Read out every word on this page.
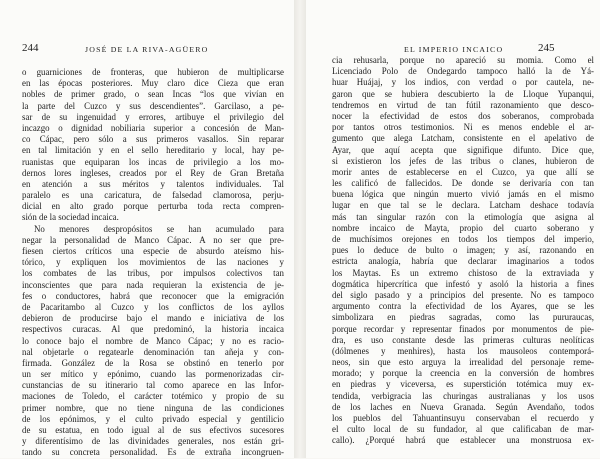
244	JOSÉ DE LA RIVA-AGÜERO
o guarniciones de fronteras, que hubieron de multiplicarse
en las épocas posteriores. Muy claro dice Cieza que eran
nobles de primer grado, o sean Incas “los que vivían en
la parte del Cuzco y sus descendientes”. Garcilaso, a pe-
sar de su ingenuidad y errores, artibuye el privilegio del
incazgo o dignidad nobiliaria superior a concesión de Man-
co Cápac, pero sólo a sus primeros vasallos. Sin reparar
en tal limitación y en el sello hereditario y local, hay pe-
ruanistas que equiparan los incas de privilegio a los mo-
dernos lores ingleses, creados por el Rey de Gran Bretaña
en atención a sus méritos y talentos individuales. Tal
paralelo es una caricatura, de falsedad clamorosa, perju-
dicial en alto grado porque perturba toda recta compren-
sión de la sociedad incaica.
No menores despropósitos se han acumulado para
negar la personalidad de Manco Cápac. A no ser que pre-
fiesen ciertos críticos una especie de absurdo ateísmo his-
tórico, y expliquen los movimientos de las naciones y
los combates de las tribus, por impulsos colectivos tan
inconscientes que para nada requieran la existencia de je-
fes o conductores, habrá que reconocer que la emigración
de Pacaritambo al Cuzco y los conflictos de los ayllos
debieron de producirse bajo el mando e iniciativa de los
respectivos curacas. Al que predominó, la historia incaica
lo conoce bajo el nombre de Manco Cápac; y no es racio-
nal objetarle o regatearle denominación tan añeja y con-
firmada. González de la Rosa se obstinó en tenerlo por
un ser mítico y epónimo, cuando las pormenorizadas cir-
cunstancias de su itinerario tal como aparece en las Infor-
maciones de Toledo, el carácter totémico y propio de su
primer nombre, que no tiene ninguna de las condiciones
de los epónimos, y el culto privado especial y gentilicio
de su estatua, en todo igual al de sus efectivos sucesores
y diferentísimo de las divinidades generales, nos están gri-
tando su concreta personalidad. Es de extraña incongruen-
EL IMPERIO INCAICO	245
cia rehusarla, porque no apareció su momia. Como el
Licenciado Polo de Ondegardo tampoco halló la de Yá-
huar Huájaj, y los indios, con verdad o por cautela, ne-
garon que se hubiera descubierto la de Lloque Yupanqui,
tendremos en virtud de tan fútil razonamiento que desco-
nocer la efectividad de estos dos soberanos, comprobada
por tantos otros testimonios. Ni es menos endeble el ar-
gumento que alega Latcham, consistente en el apelativo de
Ayar, que aquí acepta que signifique difunto. Dice que,
si existieron los jefes de las tribus o clanes, hubieron de
morir antes de establecerse en el Cuzco, ya que allí se
les calificó de fallecidos. De donde se derivaría con tan
buena lógica que ningún muerto vivió jamás en el mismo
lugar en que tal se le declara. Latcham deshace todavía
más tan singular razón con la etimología que asigna al
nombre incaico de Mayta, propio del cuarto soberano y
de muchísimos orejones en todos los tiempos del imperio,
pues lo deduce de bulto o imagen; y así, razonando en
estricta analogía, habría que declarar imaginarios a todos
los Maytas. Es un extremo chistoso de la extraviada y
dogmática hipercrítica que infestó y asoló la historia a fines
del siglo pasado y a principios del presente. No es tampoco
argumento contra la efectividad de los Ayares, que se les
simbolizara en piedras sagradas, como las pururaucas,
porque recordar y representar finados por monumentos de pie-
dra, es uso constante desde las primeras culturas neolíticas
(dólmenes y menhires), hasta los mausoleos contemporá-
neos, sin que esto arguya la irrealidad del personaje reme-
morado; y porque la creencia en la conversión de hombres
en piedras y viceversa, es superstición totémica muy ex-
tendida, verbigracia las churingas australianas y los usos
de los laches en Nueva Granada. Según Avendaño, todos
los pueblos del Tahuantinsuyu conservaban el recuerdo y
el culto local de su fundador, al que calificaban de mar-
callo). ¿Porqué habrá que establecer una monstruosa ex-
